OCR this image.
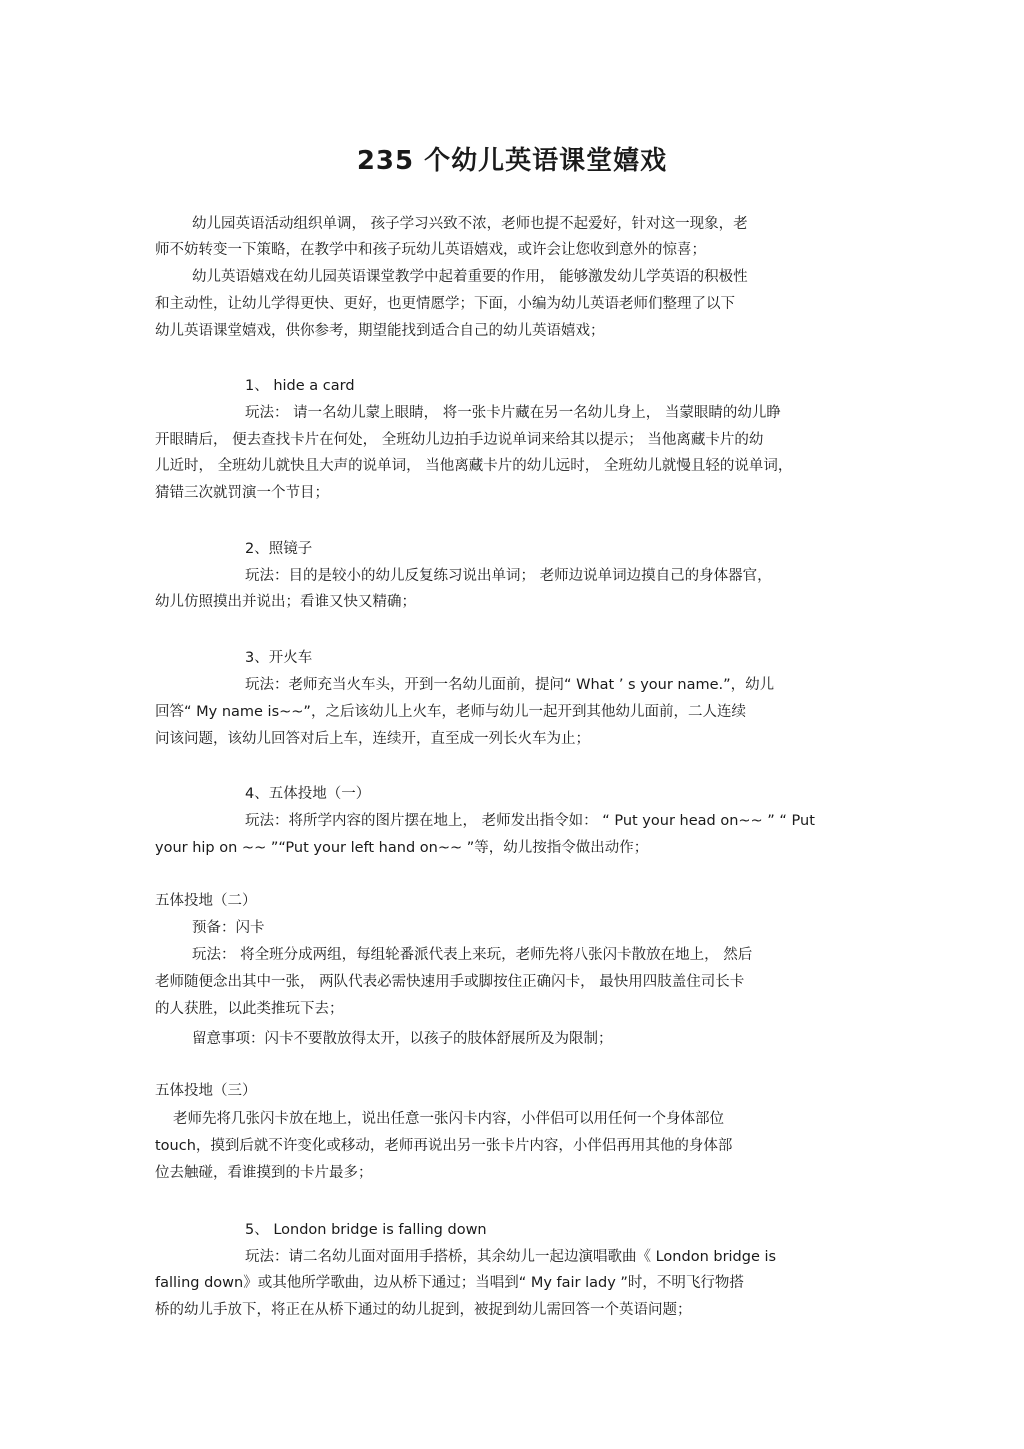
235 个幼儿英语课堂嬉戏
幼儿园英语活动组织单调， 孩子学习兴致不浓，老师也提不起爱好，针对这一现象，老
师不妨转变一下策略，在教学中和孩子玩幼儿英语嬉戏，或许会让您收到意外的惊喜；
幼儿英语嬉戏在幼儿园英语课堂教学中起着重要的作用， 能够激发幼儿学英语的积极性
和主动性，让幼儿学得更快、更好，也更情愿学；下面，小编为幼儿英语老师们整理了以下
幼儿英语课堂嬉戏，供你参考，期望能找到适合自己的幼儿英语嬉戏；
1、 hide a card
玩法： 请一名幼儿蒙上眼睛， 将一张卡片藏在另一名幼儿身上， 当蒙眼睛的幼儿睁
开眼睛后， 便去查找卡片在何处， 全班幼儿边拍手边说单词来给其以提示； 当他离藏卡片的幼
儿近时， 全班幼儿就快且大声的说单词， 当他离藏卡片的幼儿远时， 全班幼儿就慢且轻的说单词，
猜错三次就罚演一个节目；
2、照镜子
玩法：目的是较小的幼儿反复练习说出单词； 老师边说单词边摸自己的身体器官，
幼儿仿照摸出并说出；看谁又快又精确；
3、开火车
玩法：老师充当火车头，开到一名幼儿面前，提问“ What ’ s your name.”，幼儿
回答“ My name is~~”，之后该幼儿上火车，老师与幼儿一起开到其他幼儿面前，二人连续
问该问题，该幼儿回答对后上车，连续开，直至成一列长火车为止；
4、五体投地（一）
玩法：将所学内容的图片摆在地上， 老师发出指令如： “ Put your head on~~ ” “ Put
your hip on ~~ ”“Put your left hand on~~ ”等，幼儿按指令做出动作；
五体投地（二）
预备：闪卡
玩法： 将全班分成两组，每组轮番派代表上来玩，老师先将八张闪卡散放在地上， 然后
老师随便念出其中一张， 两队代表必需快速用手或脚按住正确闪卡， 最快用四肢盖住司长卡
的人获胜，以此类推玩下去；
留意事项：闪卡不要散放得太开，以孩子的肢体舒展所及为限制；
五体投地（三）
老师先将几张闪卡放在地上，说出任意一张闪卡内容，小伴侣可以用任何一个身体部位
touch，摸到后就不许变化或移动，老师再说出另一张卡片内容，小伴侣再用其他的身体部
位去触碰，看谁摸到的卡片最多；
5、 London bridge is falling down
玩法：请二名幼儿面对面用手搭桥，其余幼儿一起边演唱歌曲《 London bridge is
falling down》或其他所学歌曲，边从桥下通过；当唱到“ My fair lady ”时，不明飞行物搭
桥的幼儿手放下，将正在从桥下通过的幼儿捉到，被捉到幼儿需回答一个英语问题；
